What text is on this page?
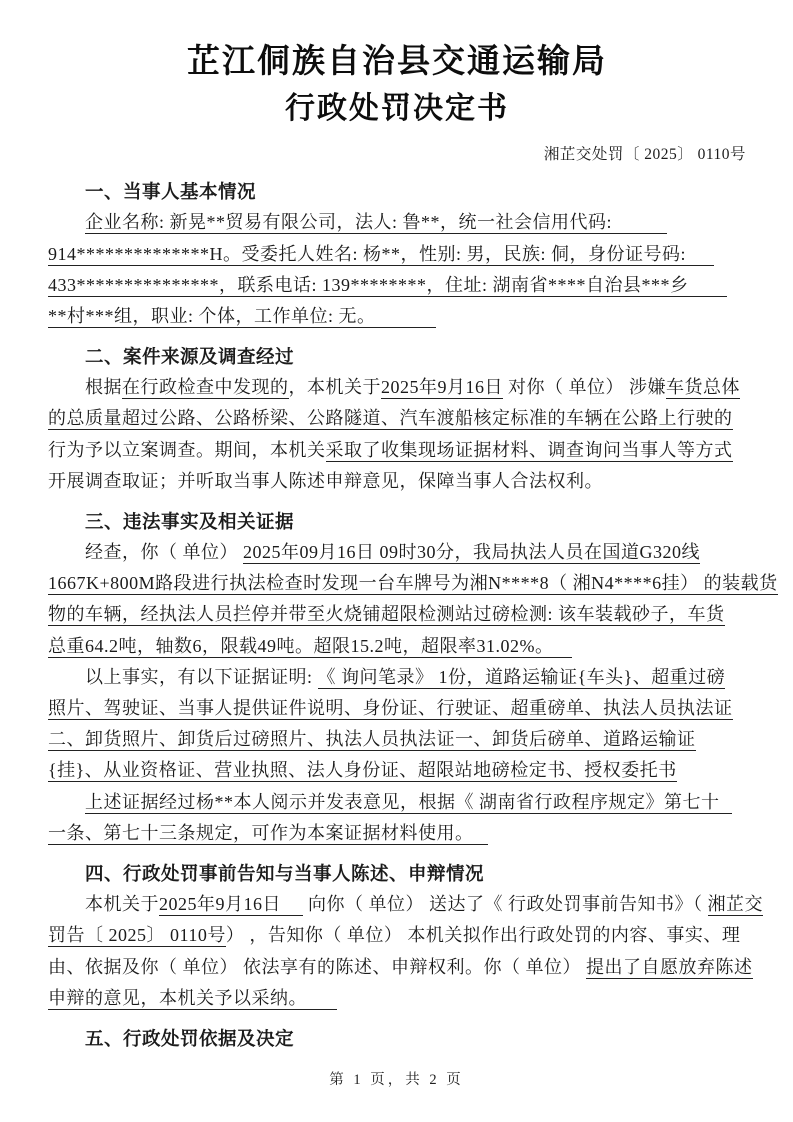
芷江侗族自治县交通运输局
行政处罚决定书
湘芷交处罚〔 2025〕 0110号
一、当事人基本情况
企业名称: 新晃**贸易有限公司，法人: 鲁**，统一社会信用代码:
914**************H。受委托人姓名: 杨**，性别: 男，民族: 侗，身份证号码:
433***************，联系电话: 139********，住址: 湖南省****自治县***乡
**村***组，职业: 个体，工作单位: 无。
二、案件来源及调查经过
根据在行政检查中发现的，本机关于2025年9月16日 对你（ 单位） 涉嫌车货总体
的总质量超过公路、公路桥梁、公路隧道、汽车渡船核定标准的车辆在公路上行驶的
行为予以立案调查。期间，本机关采取了收集现场证据材料、调查询问当事人等方式
开展调查取证；并听取当事人陈述申辩意见，保障当事人合法权利。
三、违法事实及相关证据
经查，你（ 单位） 2025年09月16日 09时30分，我局执法人员在国道G320线
1667K+800M路段进行执法检查时发现一台车牌号为湘N****8（ 湘N4****6挂） 的装载货
物的车辆，经执法人员拦停并带至火烧铺超限检测站过磅检测: 该车装载砂子，车货
总重64.2吨，轴数6，限载49吨。超限15.2吨，超限率31.02%。
以上事实，有以下证据证明: 《 询问笔录》 1份，道路运输证{车头}、超重过磅
照片、驾驶证、当事人提供证件说明、身份证、行驶证、超重磅单、执法人员执法证
二、卸货照片、卸货后过磅照片、执法人员执法证一、卸货后磅单、道路运输证
{挂}、从业资格证、营业执照、法人身份证、超限站地磅检定书、授权委托书
上述证据经过杨**本人阅示并发表意见，根据《 湖南省行政程序规定》第七十
一条、第七十三条规定，可作为本案证据材料使用。
四、行政处罚事前告知与当事人陈述、申辩情况
本机关于2025年9月16日 向你（ 单位） 送达了《 行政处罚事前告知书》（ 湘芷交
罚告〔 2025〕 0110号） ，告知你（ 单位） 本机关拟作出行政处罚的内容、事实、理
由、依据及你（ 单位） 依法享有的陈述、申辩权利。你（ 单位） 提出了自愿放弃陈述
申辩的意见，本机关予以采纳。
五、行政处罚依据及决定
第 1 页，共 2 页
